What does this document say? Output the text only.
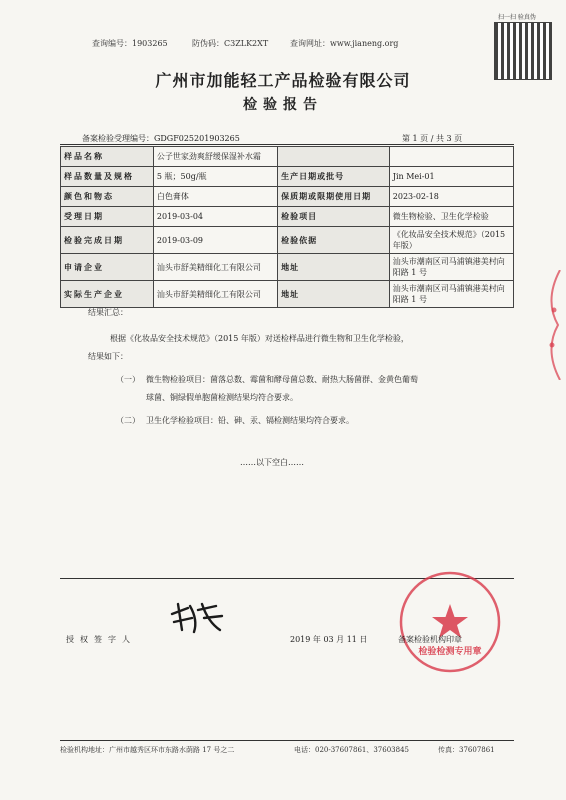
查询编号：1903265	防伪码：C3ZLK2XT	查询网址：www.jianeng.org
扫一扫 验真伪
广州市加能轻工产品检验有限公司
检验报告
备案检验受理编号：GDGF025201903265	第 1 页 / 共 3 页
样品名称	公子世家劲爽舒缓保湿补水霜		
样品数量及规格	5 瓶；50g/瓶	生产日期或批号	Jin Mei-01
颜色和物态	白色膏体	保质期或限期使用日期	2023-02-18
受理日期	2019-03-04	检验项目	微生物检验、卫生化学检验
检验完成日期	2019-03-09	检验依据	《化妆品安全技术规范》（2015 年版）
申请企业	汕头市舒美精细化工有限公司	地址	汕头市潮南区司马浦镇港美村向阳路 1 号
实际生产企业	汕头市舒美精细化工有限公司	地址	汕头市潮南区司马浦镇港美村向阳路 1 号
结果汇总：
根据《化妆品安全技术规范》（2015 年版）对送检样品进行微生物和卫生化学检验，
结果如下：
（一） 微生物检验项目：菌落总数、霉菌和酵母菌总数、耐热大肠菌群、金黄色葡萄
球菌、铜绿假单胞菌检测结果均符合要求。
（二） 卫生化学检验项目：铅、砷、汞、镉检测结果均符合要求。
……以下空白……
授权签字人	2019 年 03 月 11 日	备案检验机构印章
检验检测专用章
检验机构地址：广州市越秀区环市东路水荫路 17 号之二	电话：020-37607861、37603845	传真：37607861
